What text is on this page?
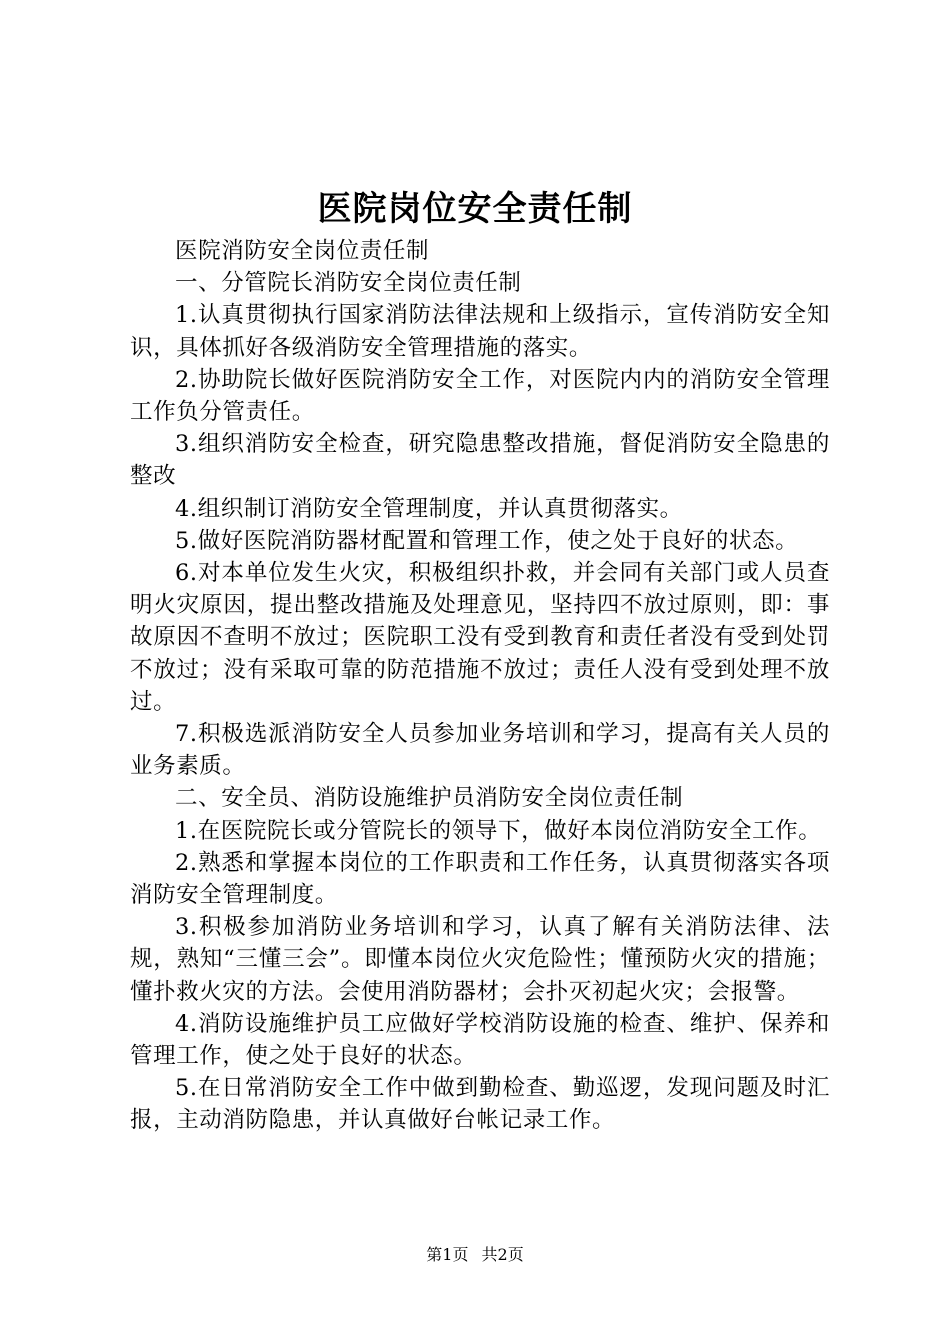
医院岗位安全责任制

医院消防安全岗位责任制

一、分管院长消防安全岗位责任制

1.认真贯彻执行国家消防法律法规和上级指示，宣传消防安全知识，具体抓好各级消防安全管理措施的落实。

2.协助院长做好医院消防安全工作，对医院内内的消防安全管理工作负分管责任。

3.组织消防安全检查，研究隐患整改措施，督促消防安全隐患的整改

4.组织制订消防安全管理制度，并认真贯彻落实。

5.做好医院消防器材配置和管理工作，使之处于良好的状态。

6.对本单位发生火灾，积极组织扑救，并会同有关部门或人员查明火灾原因，提出整改措施及处理意见，坚持四不放过原则，即：事故原因不查明不放过；医院职工没有受到教育和责任者没有受到处罚不放过；没有采取可靠的防范措施不放过；责任人没有受到处理不放过。

7.积极选派消防安全人员参加业务培训和学习，提高有关人员的业务素质。

二、安全员、消防设施维护员消防安全岗位责任制

1.在医院院长或分管院长的领导下，做好本岗位消防安全工作。

2.熟悉和掌握本岗位的工作职责和工作任务，认真贯彻落实各项消防安全管理制度。

3.积极参加消防业务培训和学习，认真了解有关消防法律、法规，熟知“三懂三会”。即懂本岗位火灾危险性；懂预防火灾的措施；懂扑救火灾的方法。会使用消防器材；会扑灭初起火灾；会报警。

4.消防设施维护员工应做好学校消防设施的检查、维护、保养和管理工作，使之处于良好的状态。

5.在日常消防安全工作中做到勤检查、勤巡逻，发现问题及时汇报，主动消防隐患，并认真做好台帐记录工作。

第1页 共2页
